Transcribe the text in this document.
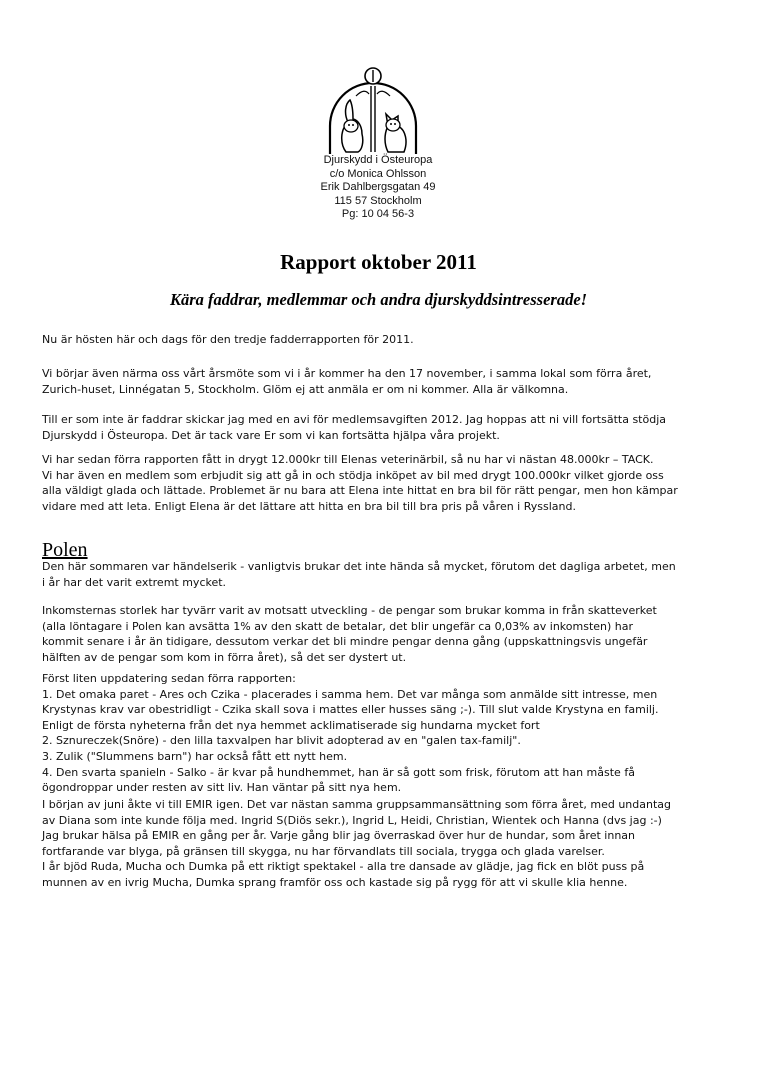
Djurskydd i Östeuropa
c/o Monica Ohlsson
Erik Dahlbergsgatan 49
115 57 Stockholm
Pg: 10 04 56-3
Rapport oktober 2011
Kära faddrar, medlemmar och andra djurskyddsintresserade!
Nu är hösten här och dags för den tredje fadderrapporten för 2011.
Vi börjar även närma oss vårt årsmöte som vi i år kommer ha den 17 november, i samma lokal som förra året,
Zurich-huset, Linnégatan 5, Stockholm. Glöm ej att anmäla er om ni kommer. Alla är välkomna.
Till er som inte är faddrar skickar jag med en avi för medlemsavgiften 2012. Jag hoppas att ni vill fortsätta stödja
Djurskydd i Östeuropa. Det är tack vare Er som vi kan fortsätta hjälpa våra projekt.
Vi har sedan förra rapporten fått in drygt 12.000kr till Elenas veterinärbil, så nu har vi nästan 48.000kr – TACK.
Vi har även en medlem som erbjudit sig att gå in och stödja inköpet av bil med drygt 100.000kr vilket gjorde oss
alla väldigt glada och lättade. Problemet är nu bara att Elena inte hittat en bra bil för rätt pengar, men hon kämpar
vidare med att leta. Enligt Elena är det lättare att hitta en bra bil till bra pris på våren i Ryssland.
Polen
Den här sommaren var händelserik - vanligtvis brukar det inte hända så mycket, förutom det dagliga arbetet, men
i år har det varit extremt mycket.
Inkomsternas storlek har tyvärr varit av motsatt utveckling - de pengar som brukar komma in från skatteverket
(alla löntagare i Polen kan avsätta 1% av den skatt de betalar, det blir ungefär ca 0,03% av inkomsten) har
kommit senare i år än tidigare, dessutom verkar det bli mindre pengar denna gång (uppskattningsvis ungefär
hälften av de pengar som kom in förra året), så det ser dystert ut.
Först liten uppdatering sedan förra rapporten:
1. Det omaka paret - Ares och Czika - placerades i samma hem. Det var många som anmälde sitt intresse, men
Krystynas krav var obestridligt - Czika skall sova i mattes eller husses säng ;-). Till slut valde Krystyna en familj.
Enligt de första nyheterna från det nya hemmet acklimatiserade sig hundarna mycket fort
2. Sznureczek(Snöre) - den lilla taxvalpen har blivit adopterad av en "galen tax-familj".
3. Zulik ("Slummens barn") har också fått ett nytt hem.
4. Den svarta spanieln - Salko - är kvar på hundhemmet, han är så gott som frisk, förutom att han måste få
ögondroppar under resten av sitt liv. Han väntar på sitt nya hem.
I början av juni åkte vi till EMIR igen. Det var nästan samma gruppsammansättning som förra året, med undantag
av Diana som inte kunde följa med. Ingrid S(Diös sekr.), Ingrid L, Heidi, Christian, Wientek och Hanna (dvs jag :-)
Jag brukar hälsa på EMIR en gång per år. Varje gång blir jag överraskad över hur de hundar, som året innan
fortfarande var blyga, på gränsen till skygga, nu har förvandlats till sociala, trygga och glada varelser.
I år bjöd Ruda, Mucha och Dumka på ett riktigt spektakel - alla tre dansade av glädje, jag fick en blöt puss på
munnen av en ivrig Mucha, Dumka sprang framför oss och kastade sig på rygg för att vi skulle klia henne.
